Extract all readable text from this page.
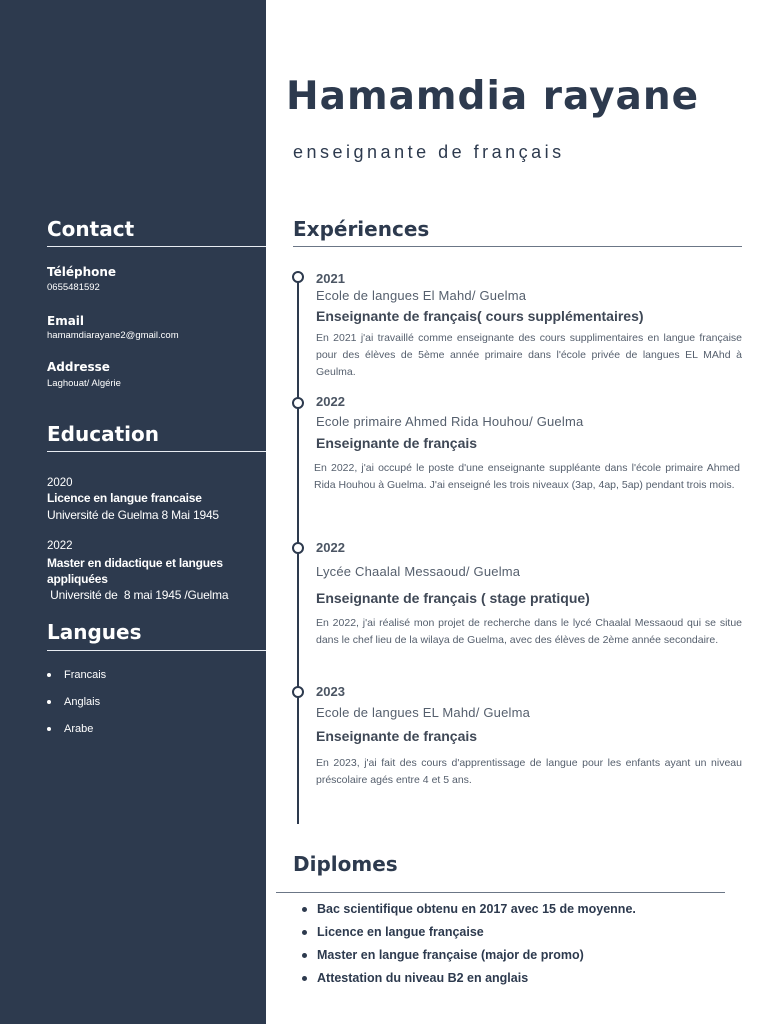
Contact
Téléphone
0655481592
Email
hamamdiarayane2@gmail.com
Addresse
Laghouat/ Algérie
Education
2020
Licence en langue francaise
Université de Guelma 8 Mai 1945
2022
Master en didactique et langues appliquées
Université de  8 mai 1945 /Guelma
Langues
Francais
Anglais
Arabe
Hamamdia rayane
enseignante de français
Expériences
2021
Ecole de langues El Mahd/ Guelma
Enseignante de français( cours supplémentaires)
En 2021 j'ai travaillé comme enseignante des cours supplimentaires en langue française pour des élèves de 5ème année primaire dans l'école privée de langues EL MAhd à Geulma.
2022
Ecole primaire Ahmed Rida Houhou/ Guelma
Enseignante de français
En 2022, j'ai occupé le poste d'une enseignante suppléante dans l'école primaire Ahmed Rida Houhou à Guelma. J'ai enseigné les trois niveaux (3ap, 4ap, 5ap) pendant trois mois.
2022
Lycée Chaalal Messaoud/ Guelma
Enseignante de français ( stage pratique)
En 2022, j'ai réalisé mon projet de recherche dans le lycé Chaalal Messaoud qui se situe dans le chef lieu de la wilaya de Guelma, avec des élèves de 2ème année secondaire.
2023
Ecole de langues EL Mahd/ Guelma
Enseignante de français
En 2023, j'ai fait des cours d'apprentissage de langue pour les enfants ayant un niveau préscolaire agés entre 4 et 5 ans.
Diplomes
Bac scientifique obtenu en 2017 avec 15 de moyenne.
Licence en langue française
Master en langue française (major de promo)
Attestation du niveau B2 en anglais
